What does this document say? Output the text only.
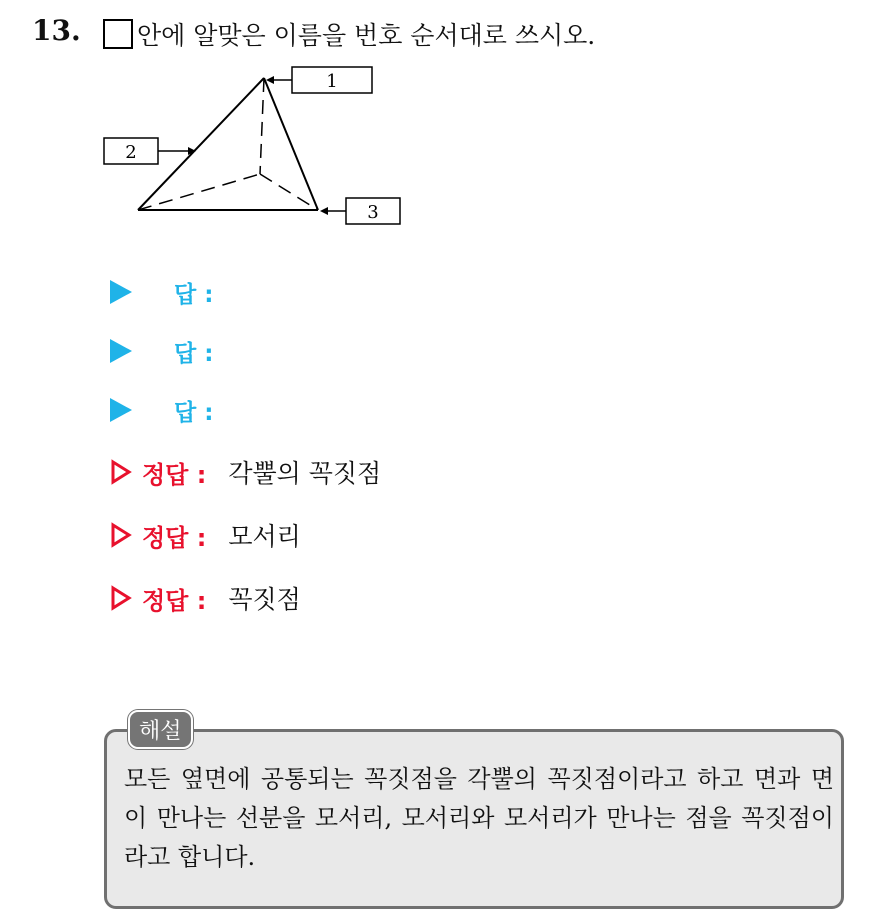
13. 안에 알맞은 이름을 번호 순서대로 쓰시오.
1
2
3
답 :
답 :
답 :
정답 : 각뿔의 꼭짓점
정답 : 모서리
정답 : 꼭짓점
해설
모든 옆면에 공통되는 꼭짓점을 각뿔의 꼭짓점이라고 하고 면과 면이 만나는 선분을 모서리, 모서리와 모서리가 만나는 점을 꼭짓점이라고 합니다.
